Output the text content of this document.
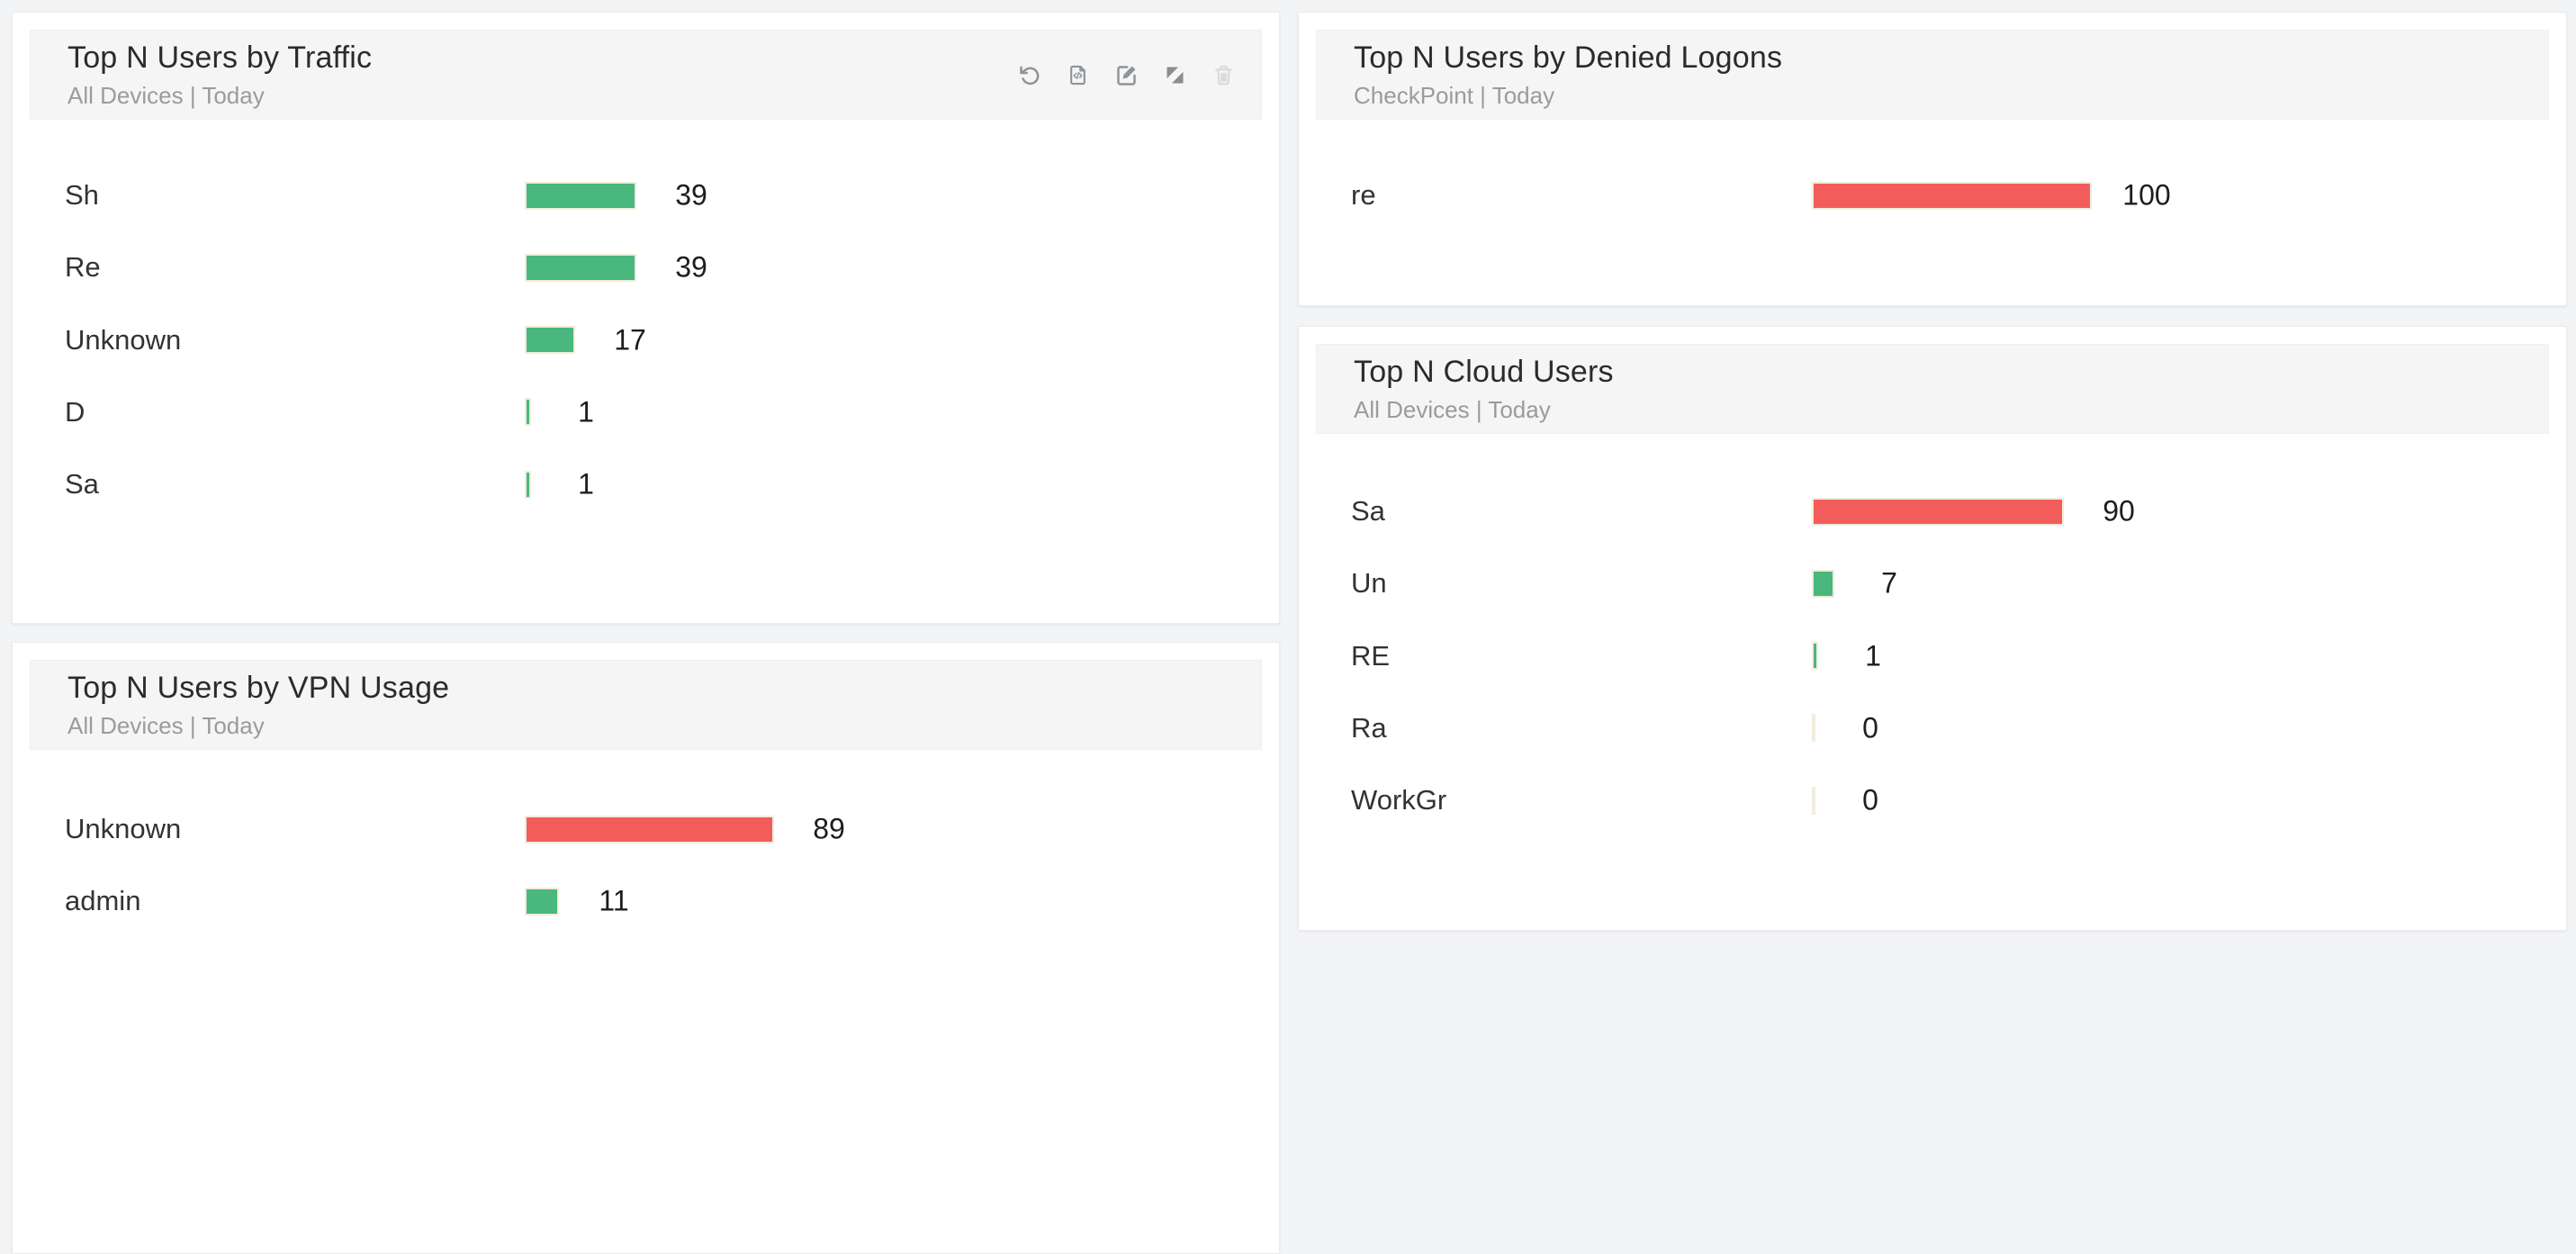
Top N Users by Traffic
All Devices | Today
Sh	39
Re	39
Unknown	17
D	1
Sa	1
Top N Users by VPN Usage
All Devices | Today
Unknown	89
admin	11
Top N Users by Denied Logons
CheckPoint | Today
re	100
Top N Cloud Users
All Devices | Today
Sa	90
Un	7
RE	1
Ra	0
WorkGr	0
